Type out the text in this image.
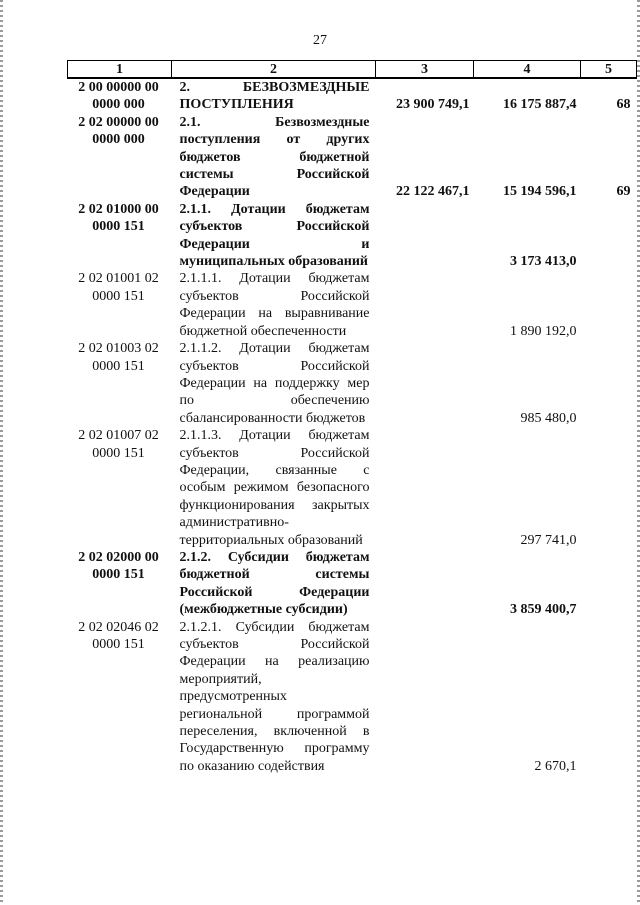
27
1	2	3	4	5
2 00 00000 00 0000 000	2. БЕЗВОЗМЕЗДНЫЕ ПОСТУПЛЕНИЯ	23 900 749,1	16 175 887,4	68
2 02 00000 00 0000 000	2.1. Безвозмездные поступления от других бюджетов бюджетной системы Российской Федерации	22 122 467,1	15 194 596,1	69
2 02 01000 00 0000 151	2.1.1. Дотации бюджетам субъектов Российской Федерации и муниципальных образований		3 173 413,0	
2 02 01001 02 0000 151	2.1.1.1. Дотации бюджетам субъектов Российской Федерации на выравнивание бюджетной обеспеченности		1 890 192,0	
2 02 01003 02 0000 151	2.1.1.2. Дотации бюджетам субъектов Российской Федерации на поддержку мер по обеспечению сбалансированности бюджетов		985 480,0	
2 02 01007 02 0000 151	2.1.1.3. Дотации бюджетам субъектов Российской Федерации, связанные с особым режимом безопасного функционирования закрытых административно-территориальных образований		297 741,0	
2 02 02000 00 0000 151	2.1.2. Субсидии бюджетам бюджетной системы Российской Федерации (межбюджетные субсидии)		3 859 400,7	
2 02 02046 02 0000 151	2.1.2.1. Субсидии бюджетам субъектов Российской Федерации на реализацию мероприятий, предусмотренных региональной программой переселения, включенной в Государственную программу по оказанию содействия		2 670,1	
